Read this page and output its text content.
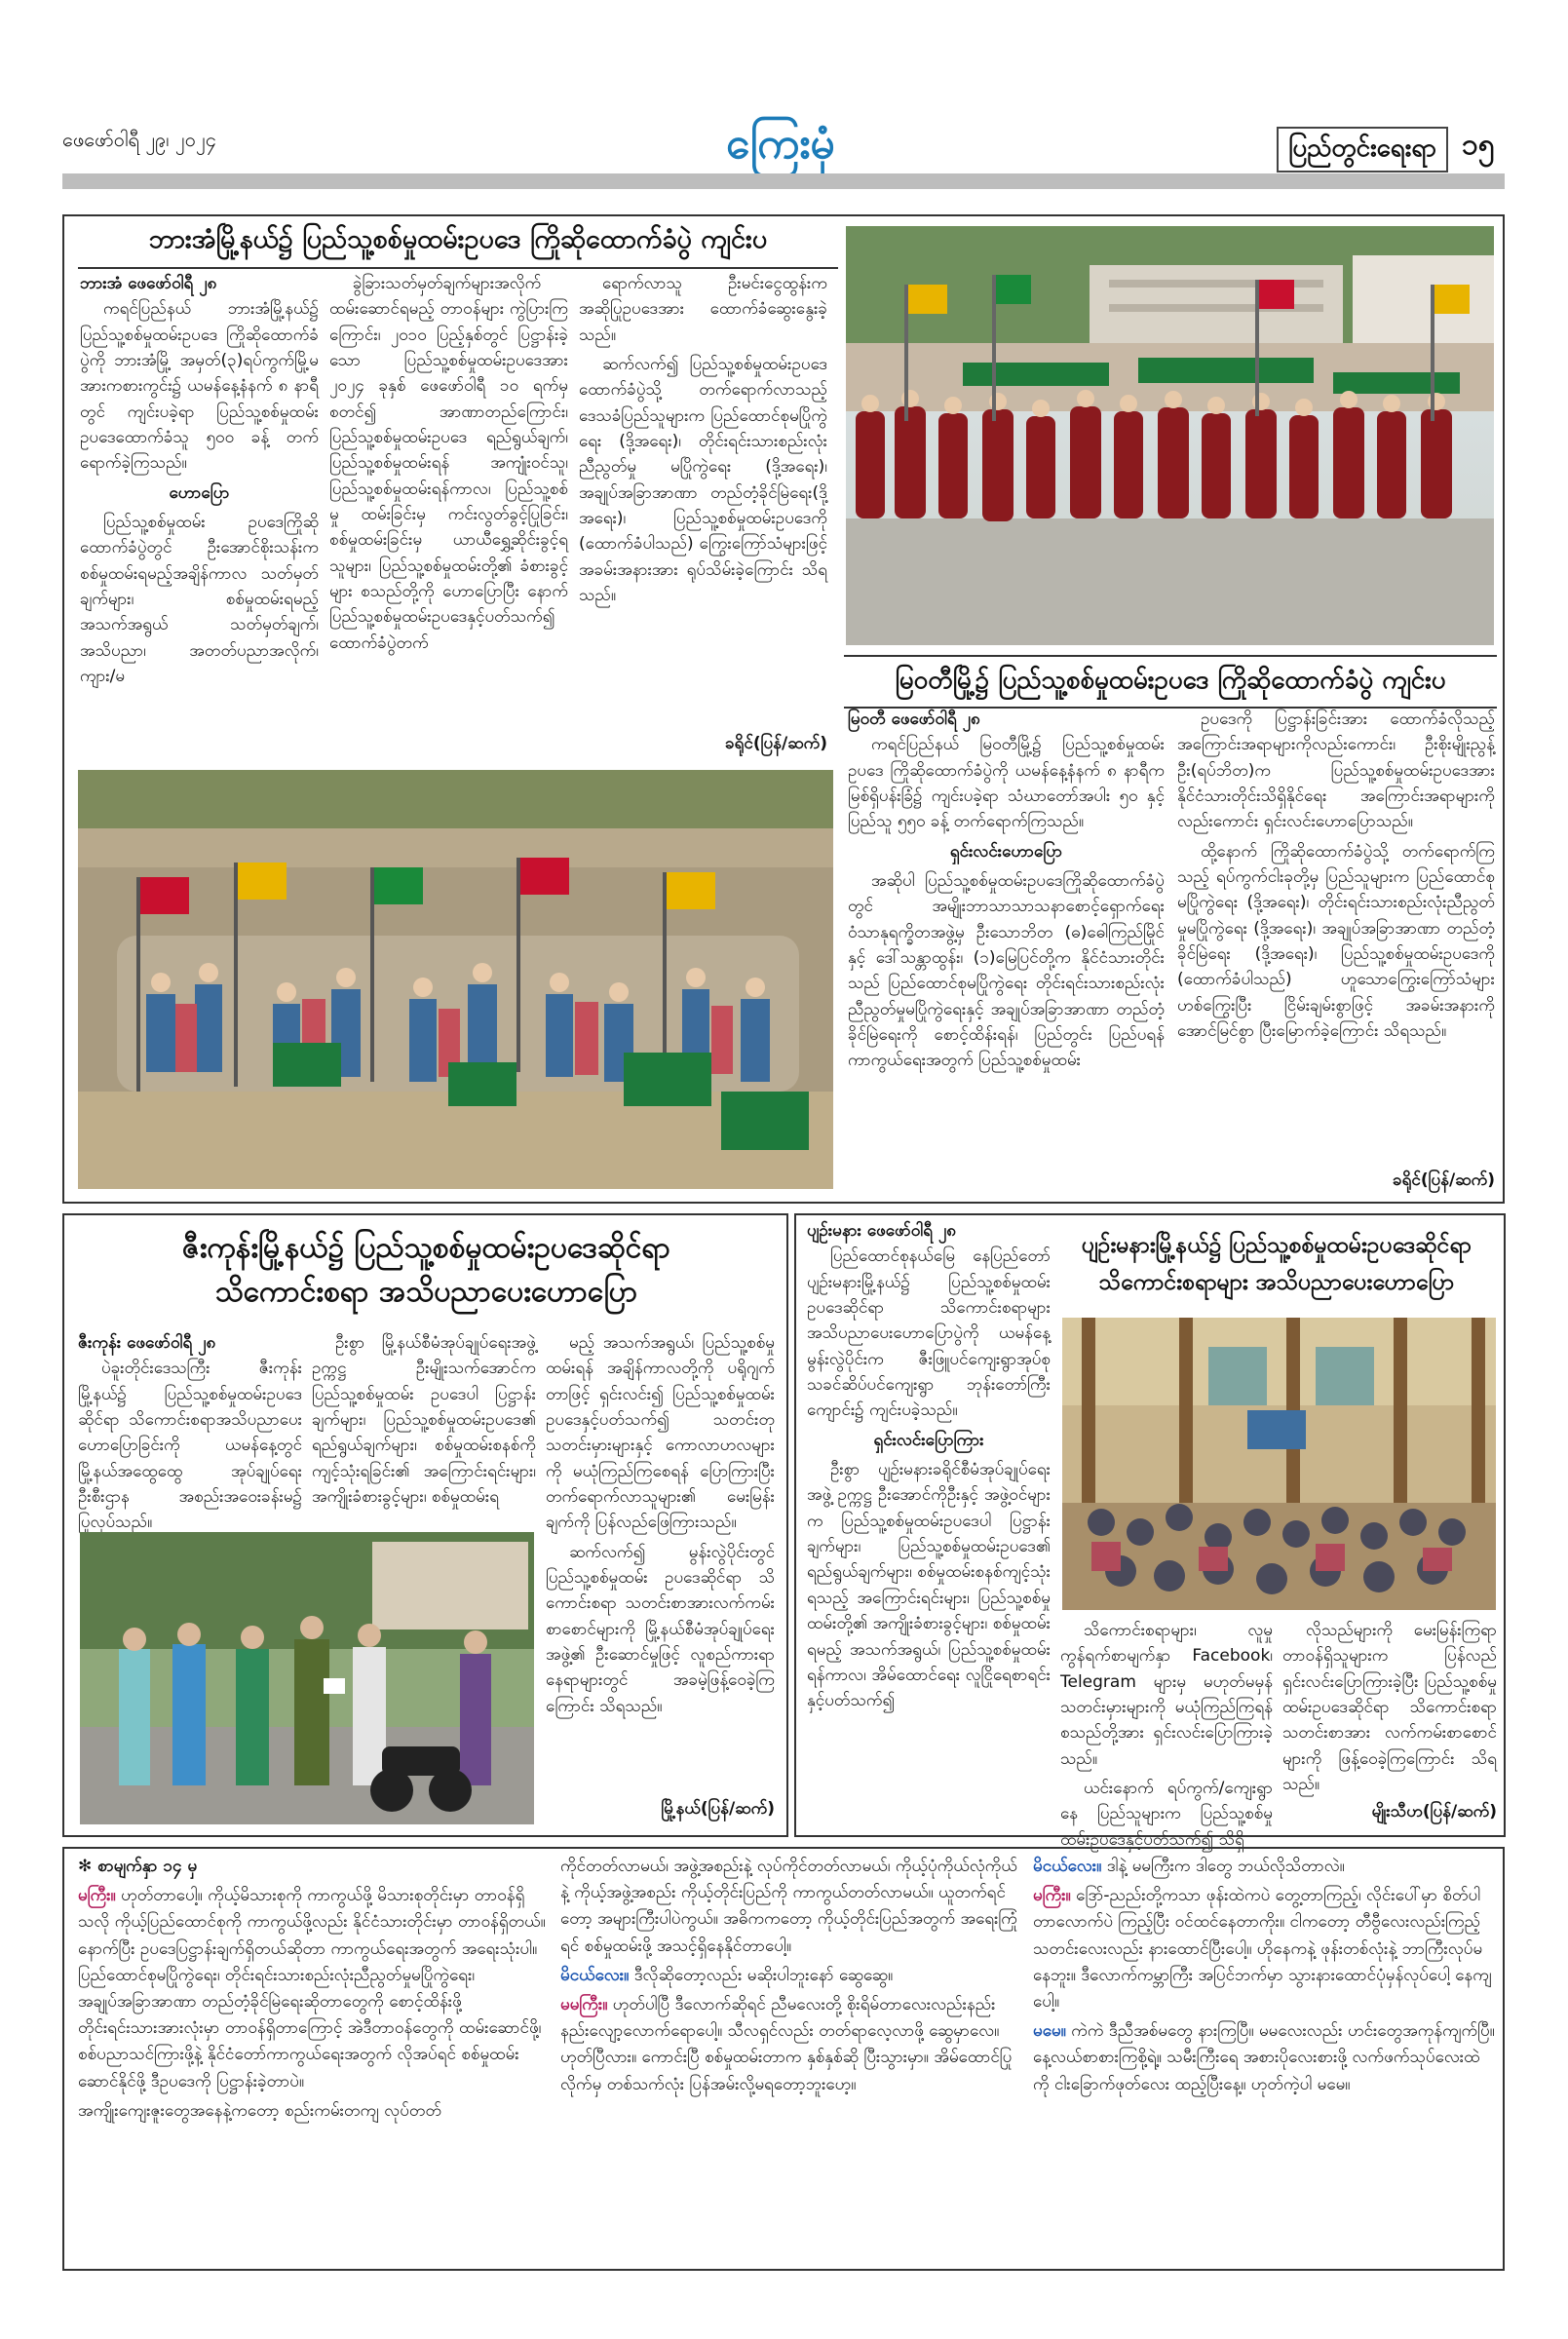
ဖေဖော်ဝါရီ ၂၉၊ ၂၀၂၄	ကြေးမုံ	ပြည်တွင်းရေးရာ ၁၅
ဘားအံမြို့နယ်၌ ပြည်သူ့စစ်မှုထမ်းဥပဒေ ကြိုဆိုထောက်ခံပွဲ ကျင်းပ
ဘားအံ ဖေဖော်ဝါရီ ၂၈

ကရင်ပြည်နယ် ဘားအံမြို့နယ်၌ ပြည်သူ့စစ်မှုထမ်းဥပဒေ ကြိုဆိုထောက်ခံပွဲကို ဘားအံမြို့ အမှတ်(၃)ရပ်ကွက်မြို့မအားကစားကွင်း၌ ယမန်နေ့နံနက် ၈ နာရီတွင် ကျင်းပခဲ့ရာ ပြည်သူ့စစ်မှုထမ်းဥပဒေထောက်ခံသူ ၅၀၀ ခန့် တက်ရောက်ခဲ့ကြသည်။

ဟောပြော

ပြည်သူ့စစ်မှုထမ်း ဥပဒေကြိုဆိုထောက်ခံပွဲတွင် ဦးအောင်စိုးသန်းက စစ်မှုထမ်းရမည့်အချိန်ကာလ သတ်မှတ်ချက်များ၊ စစ်မှုထမ်းရမည့် အသက်အရွယ် သတ်မှတ်ချက်၊ အသိပညာ၊ အတတ်ပညာအလိုက်၊ ကျား/မ

ခွဲခြားသတ်မှတ်ချက်များအလိုက် ထမ်းဆောင်ရမည့် တာဝန်များ ကွဲပြားကြကြောင်း၊ ၂၀၁၀ ပြည့်နှစ်တွင် ပြဋ္ဌာန်းခဲ့သော ပြည်သူ့စစ်မှုထမ်းဥပဒေအား ၂၀၂၄ ခုနှစ် ဖေဖော်ဝါရီ ၁၀ ရက်မှ စတင်၍ အာဏာတည်ကြောင်း၊ ပြည်သူ့စစ်မှုထမ်းဥပဒေ ရည်ရွယ်ချက်၊ ပြည်သူ့စစ်မှုထမ်းရန် အကျုံးဝင်သူ၊ ပြည်သူ့စစ်မှုထမ်းရန်ကာလ၊ ပြည်သူ့စစ်မှု ထမ်းခြင်းမှ ကင်းလွတ်ခွင့်ပြုခြင်း၊ စစ်မှုထမ်းခြင်းမှ ယာယီရွှေ့ဆိုင်းခွင့်ရသူများ၊ ပြည်သူ့စစ်မှုထမ်းတို့၏ ခံစားခွင့်များ စသည်တို့ကို ဟောပြောပြီး နောက် ပြည်သူ့စစ်မှုထမ်းဥပဒေနှင့်ပတ်သက်၍ ထောက်ခံပွဲတက်

ရောက်လာသူ ဦးမင်းငွေထွန်းက အဆိုပြုဥပဒေအား ထောက်ခံဆွေးနွေးခဲ့သည်။

ဆက်လက်၍ ပြည်သူ့စစ်မှုထမ်းဥပဒေထောက်ခံပွဲသို့ တက်ရောက်လာသည့် ဒေသခံပြည်သူများက ပြည်ထောင်စုမပြိုကွဲရေး (ဒို့အရေး)၊ တိုင်းရင်းသားစည်းလုံးညီညွတ်မှု မပြိုကွဲရေး (ဒို့အရေး)၊ အချုပ်အခြာအာဏာ တည်တံ့ခိုင်မြဲရေး(ဒို့အရေး)၊ ပြည်သူ့စစ်မှုထမ်းဥပဒေကို (ထောက်ခံပါသည်) ကြွေးကြော်သံများဖြင့် အခမ်းအနားအား ရုပ်သိမ်းခဲ့ကြောင်း သိရသည်။

ခရိုင်(ပြန်/ဆက်)
မြဝတီမြို့၌ ပြည်သူ့စစ်မှုထမ်းဥပဒေ ကြိုဆိုထောက်ခံပွဲ ကျင်းပ
မြဝတီ ဖေဖော်ဝါရီ ၂၈

ကရင်ပြည်နယ် မြဝတီမြို့၌ ပြည်သူ့စစ်မှုထမ်းဥပဒေ ကြိုဆိုထောက်ခံပွဲကို ယမန်နေ့နံနက် ၈ နာရီက မြစ်ရှိပန်းခြံ၌ ကျင်းပခဲ့ရာ သံဃာတော်အပါး ၅၀ နှင့် ပြည်သူ ၅၅၀ ခန့် တက်ရောက်ကြသည်။

ရှင်းလင်းဟောပြော

အဆိုပါ ပြည်သူ့စစ်မှုထမ်းဥပဒေကြိုဆိုထောက်ခံပွဲ တွင် အမျိုးဘာသာသာသနာစောင့်ရှောက်ရေးဝံသာနုရက္ခိတအဖွဲ့မှ ဦးသောဘိတ (ဓ)ဓေါကြည်မြိုင်နှင့် ဒေါ်သန္တာထွန်း၊ (၁)မြေပြင်တို့က နိုင်ငံသားတိုင်းသည် ပြည်ထောင်စုမပြိုကွဲရေး တိုင်းရင်းသားစည်းလုံးညီညွတ်မှုမပြိုကွဲရေးနှင့် အချုပ်အခြာအာဏာ တည်တံ့ခိုင်မြဲရေးကို စောင့်ထိန်းရန်၊ ပြည်တွင်း ပြည်ပရန် ကာကွယ်ရေးအတွက် ပြည်သူ့စစ်မှုထမ်း

ဥပဒေကို ပြဋ္ဌာန်းခြင်းအား ထောက်ခံလိုသည့် အကြောင်းအရာများကိုလည်းကောင်း၊ ဦးစိုးမျိုးညွန့် ဦး(ရပ်ဘိတ)က ပြည်သူ့စစ်မှုထမ်းဥပဒေအား နိုင်ငံသားတိုင်းသိရှိနိုင်ရေး အကြောင်းအရာများကိုလည်းကောင်း ရှင်းလင်းဟောပြောသည်။

ထို့နောက် ကြိုဆိုထောက်ခံပွဲသို့ တက်ရောက်ကြသည့် ရပ်ကွက်ငါးခုတို့မှ ပြည်သူများက ပြည်ထောင်စုမပြိုကွဲရေး (ဒို့အရေး)၊ တိုင်းရင်းသားစည်းလုံးညီညွတ်မှုမပြိုကွဲရေး (ဒို့အရေး)၊ အချုပ်အခြာအာဏာ တည်တံ့ခိုင်မြဲရေး (ဒို့အရေး)၊ ပြည်သူ့စစ်မှုထမ်းဥပဒေကို (ထောက်ခံပါသည်) ဟူသောကြွေးကြော်သံများဟစ်ကြွေးပြီး ငြိမ်းချမ်းစွာဖြင့် အခမ်းအနားကို အောင်မြင်စွာ ပြီးမြောက်ခဲ့ကြောင်း သိရသည်။

ခရိုင်(ပြန်/ဆက်)
ဇီးကုန်းမြို့နယ်၌ ပြည်သူ့စစ်မှုထမ်းဥပဒေဆိုင်ရာ
သိကောင်းစရာ အသိပညာပေးဟောပြော
ဇီးကုန်း ဖေဖော်ဝါရီ ၂၈

ပဲခူးတိုင်းဒေသကြီး ဇီးကုန်းမြို့နယ်၌ ပြည်သူ့စစ်မှုထမ်းဥပဒေဆိုင်ရာ သိကောင်းစရာအသိပညာပေးဟောပြောခြင်းကို ယမန်နေ့တွင် မြို့နယ်အထွေထွေ အုပ်ချုပ်ရေးဦးစီးဌာန အစည်းအဝေးခန်းမ၌ ပြုလုပ်သည်။

ဦးစွာ မြို့နယ်စီမံအုပ်ချုပ်ရေးအဖွဲ့ဥက္ကဋ္ဌ ဦးမျိုးသက်အောင်က ပြည်သူ့စစ်မှုထမ်း ဥပဒေပါ ပြဋ္ဌာန်းချက်များ၊ ပြည်သူ့စစ်မှုထမ်းဥပဒေ၏ ရည်ရွယ်ချက်များ၊ စစ်မှုထမ်းစနစ်ကို ကျင့်သုံးရခြင်း၏ အကြောင်းရင်းများ၊ အကျိုးခံစားခွင့်များ၊ စစ်မှုထမ်းရ

မည့် အသက်အရွယ်၊ ပြည်သူ့စစ်မှုထမ်းရန် အချိန်ကာလတို့ကို ပရိုဂျက်တာဖြင့် ရှင်းလင်း၍ ပြည်သူ့စစ်မှုထမ်း ဥပဒေနှင့်ပတ်သက်၍ သတင်းတု သတင်းမှားများနှင့် ကောလာဟလများကို မယုံကြည်ကြစေရန် ပြောကြားပြီး တက်ရောက်လာသူများ၏ မေးမြန်းချက်ကို ပြန်လည်ဖြေကြားသည်။

ဆက်လက်၍ မွန်းလွဲပိုင်းတွင် ပြည်သူ့စစ်မှုထမ်း ဥပဒေဆိုင်ရာ သိကောင်းစရာ သတင်းစာအားလက်ကမ်းစာစောင်များကို မြို့နယ်စီမံအုပ်ချုပ်ရေးအဖွဲ့၏ ဦးဆောင်မှုဖြင့် လူစည်ကားရာနေရာများတွင် အခမဲ့ဖြန့်ဝေခဲ့ကြကြောင်း သိရသည်။

မြို့နယ်(ပြန်/ဆက်)
ပျဉ်းမနား ဖေဖော်ဝါရီ ၂၈

ပြည်ထောင်စုနယ်မြေ နေပြည်တော် ပျဉ်းမနားမြို့နယ်၌ ပြည်သူ့စစ်မှုထမ်းဥပဒေဆိုင်ရာ သိကောင်းစရာများအသိပညာပေးဟောပြောပွဲကို ယမန်နေ့မွန်းလွဲပိုင်းက ဇီးဖြူပင်ကျေးရွာအုပ်စု သခင်ဆိပ်ပင်ကျေးရွာ ဘုန်းတော်ကြီးကျောင်း၌ ကျင်းပခဲ့သည်။

ရှင်းလင်းပြောကြား

ဦးစွာ ပျဉ်းမနားခရိုင်စီမံအုပ်ချုပ်ရေးအဖွဲ့ ဥက္ကဋ္ဌ ဦးအောင်ကိုဦးနှင့် အဖွဲ့ဝင်များက ပြည်သူ့စစ်မှုထမ်းဥပဒေပါ ပြဋ္ဌာန်းချက်များ၊ ပြည်သူ့စစ်မှုထမ်းဥပဒေ၏ ရည်ရွယ်ချက်များ၊ စစ်မှုထမ်းစနစ်ကျင့်သုံးရသည့် အကြောင်းရင်းများ၊ ပြည်သူ့စစ်မှုထမ်းတို့၏ အကျိုးခံစားခွင့်များ၊ စစ်မှုထမ်းရမည့် အသက်အရွယ်၊ ပြည်သူ့စစ်မှုထမ်းရန်ကာလ၊ အိမ်ထောင်ရေး လူငြိုရေစာရင်းနှင့်ပတ်သက်၍

ပျဉ်းမနားမြို့နယ်၌ ပြည်သူ့စစ်မှုထမ်းဥပဒေဆိုင်ရာ
သိကောင်းစရာများ အသိပညာပေးဟောပြော

သိကောင်းစရာများ၊ လူမှုကွန်ရက်စာမျက်နှာ Facebook၊ Telegram များမှ မဟုတ်မမှန်သတင်းမှားများကို မယုံကြည်ကြရန် စသည်တို့အား ရှင်းလင်းပြောကြားခဲ့သည်။

ယင်းနောက် ရပ်ကွက်/ကျေးရွာနေ ပြည်သူများက ပြည်သူ့စစ်မှုထမ်းဥပဒေနှင့်ပတ်သက်၍ သိရှိ

လိုသည်များကို မေးမြန်းကြရာ တာဝန်ရှိသူများက ပြန်လည်ရှင်းလင်းပြောကြားခဲ့ပြီး ပြည်သူ့စစ်မှုထမ်းဥပဒေဆိုင်ရာ သိကောင်းစရာ သတင်းစာအား လက်ကမ်းစာစောင်များကို ဖြန့်ဝေခဲ့ကြကြောင်း သိရသည်။

မျိုးသီဟ(ပြန်/ဆက်)

✻ စာမျက်နှာ ၁၄ မှ

မကြီး။ ဟုတ်တာပေါ့။ ကိုယ့်မိသားစုကို ကာကွယ်ဖို့ မိသားစုတိုင်းမှာ တာဝန်ရှိသလို ကိုယ့်ပြည်ထောင်စုကို ကာကွယ်ဖို့လည်း နိုင်ငံသားတိုင်းမှာ တာဝန်ရှိတယ်။ နောက်ပြီး ဥပဒေပြဋ္ဌာန်းချက်ရှိတယ်ဆိုတာ ကာကွယ်ရေးအတွက် အရေးသုံးပါ။ ပြည်ထောင်စုမပြိုကွဲရေး၊ တိုင်းရင်းသားစည်းလုံးညီညွတ်မှုမပြိုကွဲရေး၊ အချုပ်အခြာအာဏာ တည်တံ့ခိုင်မြဲရေးဆိုတာတွေကို စောင့်ထိန်းဖို့ တိုင်းရင်းသားအားလုံးမှာ တာဝန်ရှိတာကြောင့် အဲဒီတာဝန်တွေကို ထမ်းဆောင်ဖို့၊ စစ်ပညာသင်ကြားဖို့နဲ့ နိုင်ငံတော်ကာကွယ်ရေးအတွက် လိုအပ်ရင် စစ်မှုထမ်းဆောင်နိုင်ဖို့ ဒီဥပဒေကို ပြဋ္ဌာန်းခဲ့တာပဲ။

အကျိုးကျေးဇူးတွေအနေနဲ့ကတော့ စည်းကမ်းတကျ လုပ်တတ်

ကိုင်တတ်လာမယ်၊ အဖွဲ့အစည်းနဲ့ လုပ်ကိုင်တတ်လာမယ်၊ ကိုယ့်ပုံကိုယ်လုံကိုယ်နဲ့ ကိုယ့်အဖွဲ့အစည်း ကိုယ့်တိုင်းပြည်ကို ကာကွယ်တတ်လာမယ်။ ယူတက်ရင်တော့ အများကြီးပါပဲကွယ်။ အဓိကကတော့ ကိုယ့်တိုင်းပြည်အတွက် အရေးကြုံရင် စစ်မှုထမ်းဖို့ အသင့်ရှိနေနိုင်တာပေါ့။

မိငယ်လေး။ ဒီလိုဆိုတော့လည်း မဆိုးပါဘူးနော် ဆွေဆွေ။

မမကြီး။ ဟုတ်ပါပြီ ဒီလောက်ဆိုရင် ညီမလေးတို့ စိုးရိမ်တာလေးလည်းနည်းနည်းလျော့လောက်ရောပေါ့။ သီလရှင်လည်း တတ်ရာလေ့လာဖို့ ဆွေမှာလေ။ ဟုတ်ပြီလား။ ကောင်းပြီ စစ်မှုထမ်းတာက နှစ်နှစ်ဆို ပြီးသွားမှာ။ အိမ်ထောင်ပြုလိုက်မှ တစ်သက်လုံး ပြန်အမ်းလို့မရတော့ဘူးဟေ့။

မိငယ်လေး။ ဒါနဲ့ မမကြီးက ဒါတွေ ဘယ်လိုသိတာလဲ။

မကြီး။ ဒြော်-ညည်းတို့ကသာ ဖုန်းထဲကပဲ တွေ့တာကြည့်၊ လိုင်းပေါ်မှာ စိတ်ပါတာလောက်ပဲ ကြည့်ပြီး ဝင်ထင်နေတာကိုး။ ငါကတော့ တီဗွီလေးလည်းကြည့် သတင်းလေးလည်း နားထောင်ပြီးပေါ့။ ဟိုနေကနဲ့ ဖုန်းတစ်လုံးနဲ့ ဘာကြီးလုပ်မနေဘူး။ ဒီလောက်ကမ္ဘာကြီး အပြင်ဘက်မှာ သွားနားထောင်ပုံမှန်လုပ်ပေါ့ နေကျပေါ့။

မမေ။ ကဲကဲ ဒီညီအစ်မတွေ နားကြပြီ။ မမလေးလည်း ဟင်းတွေအကုန်ကျက်ပြီ။ နေ့လယ်စာစားကြစို့ရဲ့။ သမီးကြီးရေ အစားပိုလေးစားဖို့ လက်ဖက်သုပ်လေးထဲကို ငါးခြောက်ဖုတ်လေး ထည့်ပြီးနေ့။ ဟုတ်ကဲ့ပါ မမေ။
